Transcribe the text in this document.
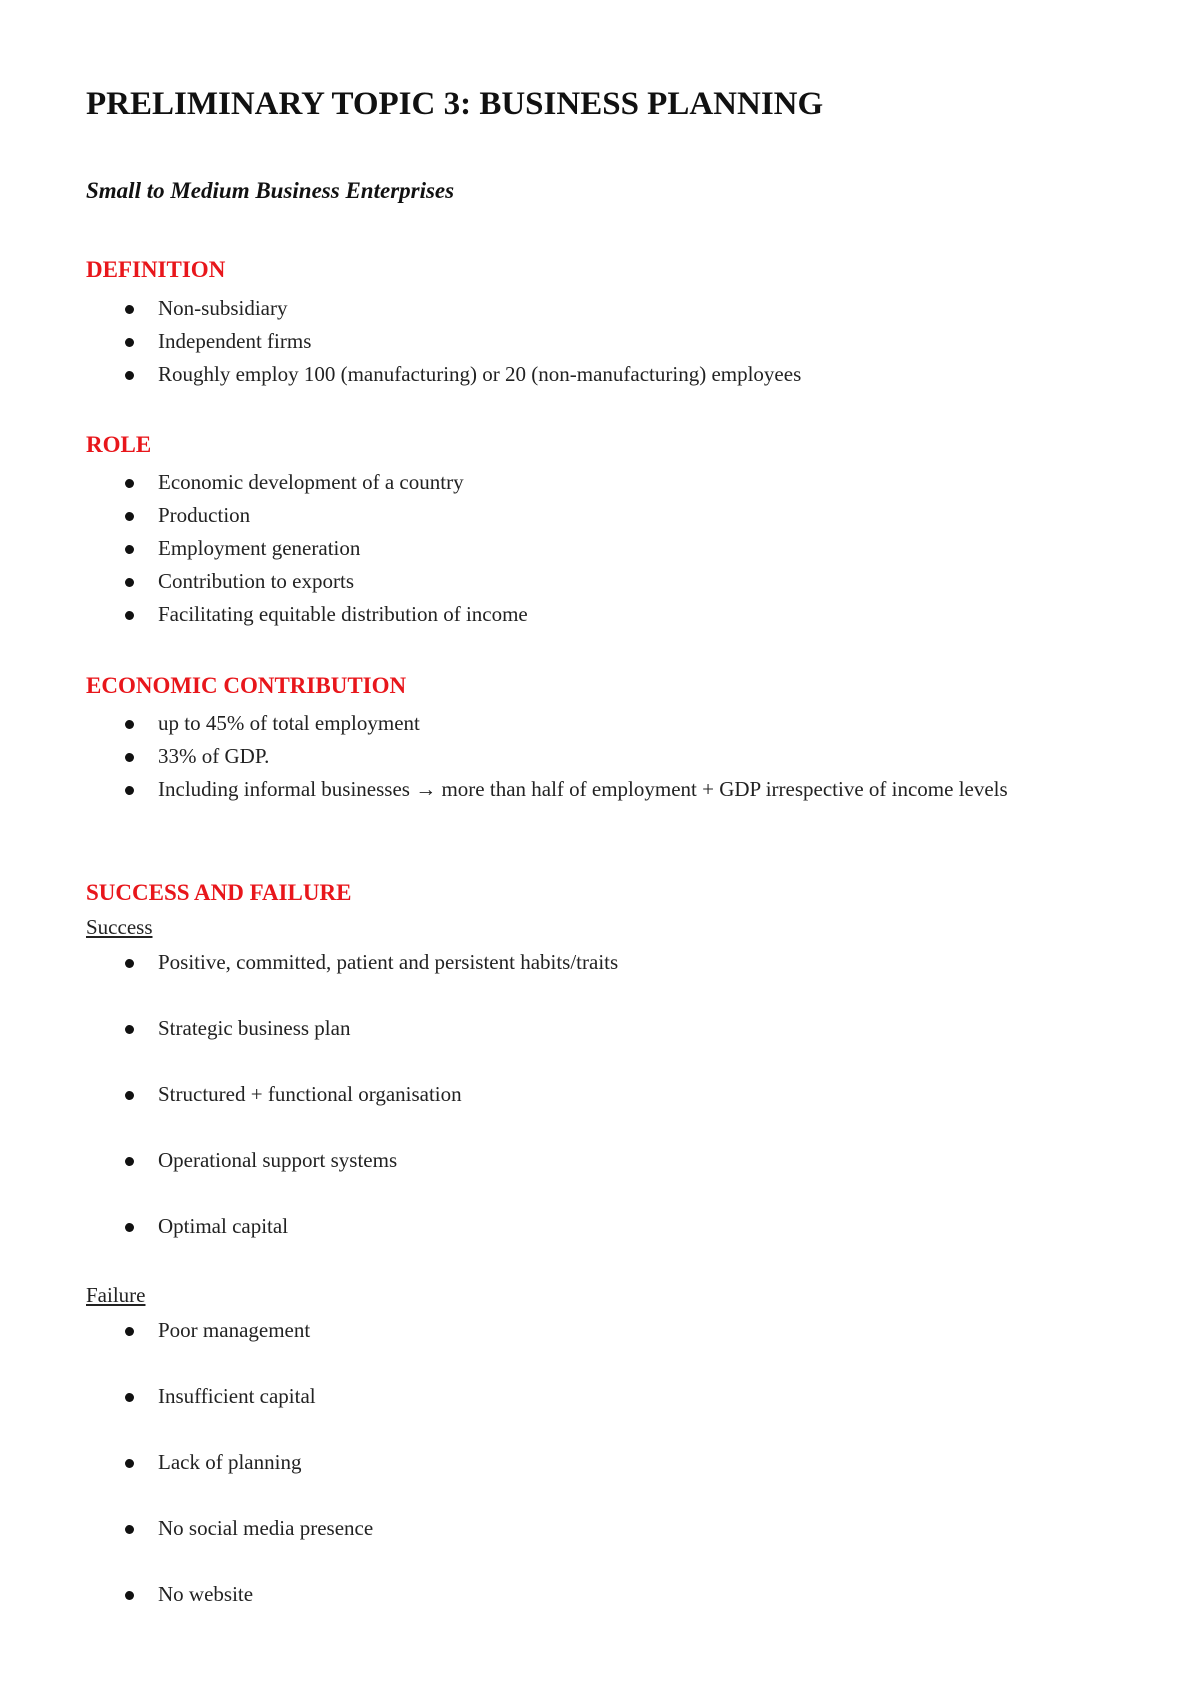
PRELIMINARY TOPIC 3: BUSINESS PLANNING
Small to Medium Business Enterprises
DEFINITION
Non-subsidiary
Independent firms
Roughly employ 100 (manufacturing) or 20 (non-manufacturing) employees
ROLE
Economic development of a country
Production
Employment generation
Contribution to exports
Facilitating equitable distribution of income
ECONOMIC CONTRIBUTION
up to 45% of total employment
33% of GDP.
Including informal businesses → more than half of employment + GDP irrespective of income levels
SUCCESS AND FAILURE
Success
Positive, committed, patient and persistent habits/traits
Strategic business plan
Structured + functional organisation
Operational support systems
Optimal capital
Failure
Poor management
Insufficient capital
Lack of planning
No social media presence
No website
